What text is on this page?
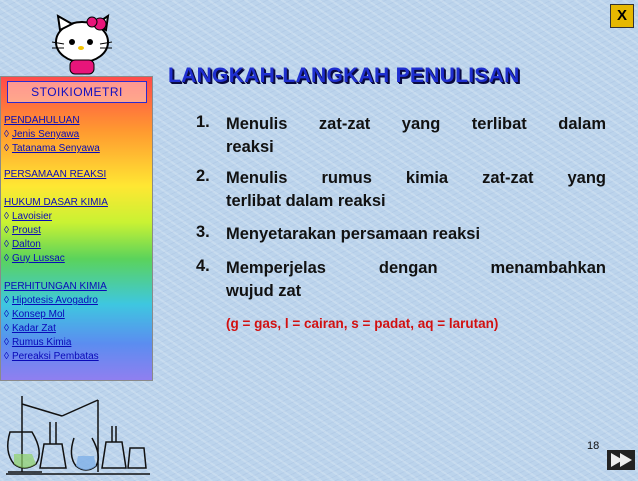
X
STOIKIOMETRI
PENDAHULUAN
◊ Jenis Senyawa
◊ Tatanama Senyawa
PERSAMAAN REAKSI
HUKUM DASAR KIMIA
◊ Lavoisier
◊ Proust
◊ Dalton
◊ Guy Lussac
PERHITUNGAN KIMIA
◊ Hipotesis Avogadro
◊ Konsep Mol
◊ Kadar Zat
◊ Rumus Kimia
◊ Pereaksi Pembatas
LANGKAH-LANGKAH PENULISAN
1. Menulis zat-zat yang terlibat dalam
reaksi
2. Menulis rumus kimia zat-zat yang
terlibat dalam reaksi
3. Menyetarakan persamaan reaksi
4. Memperjelas dengan menambahkan
wujud zat
(g = gas, l = cairan, s = padat, aq = larutan)
18
